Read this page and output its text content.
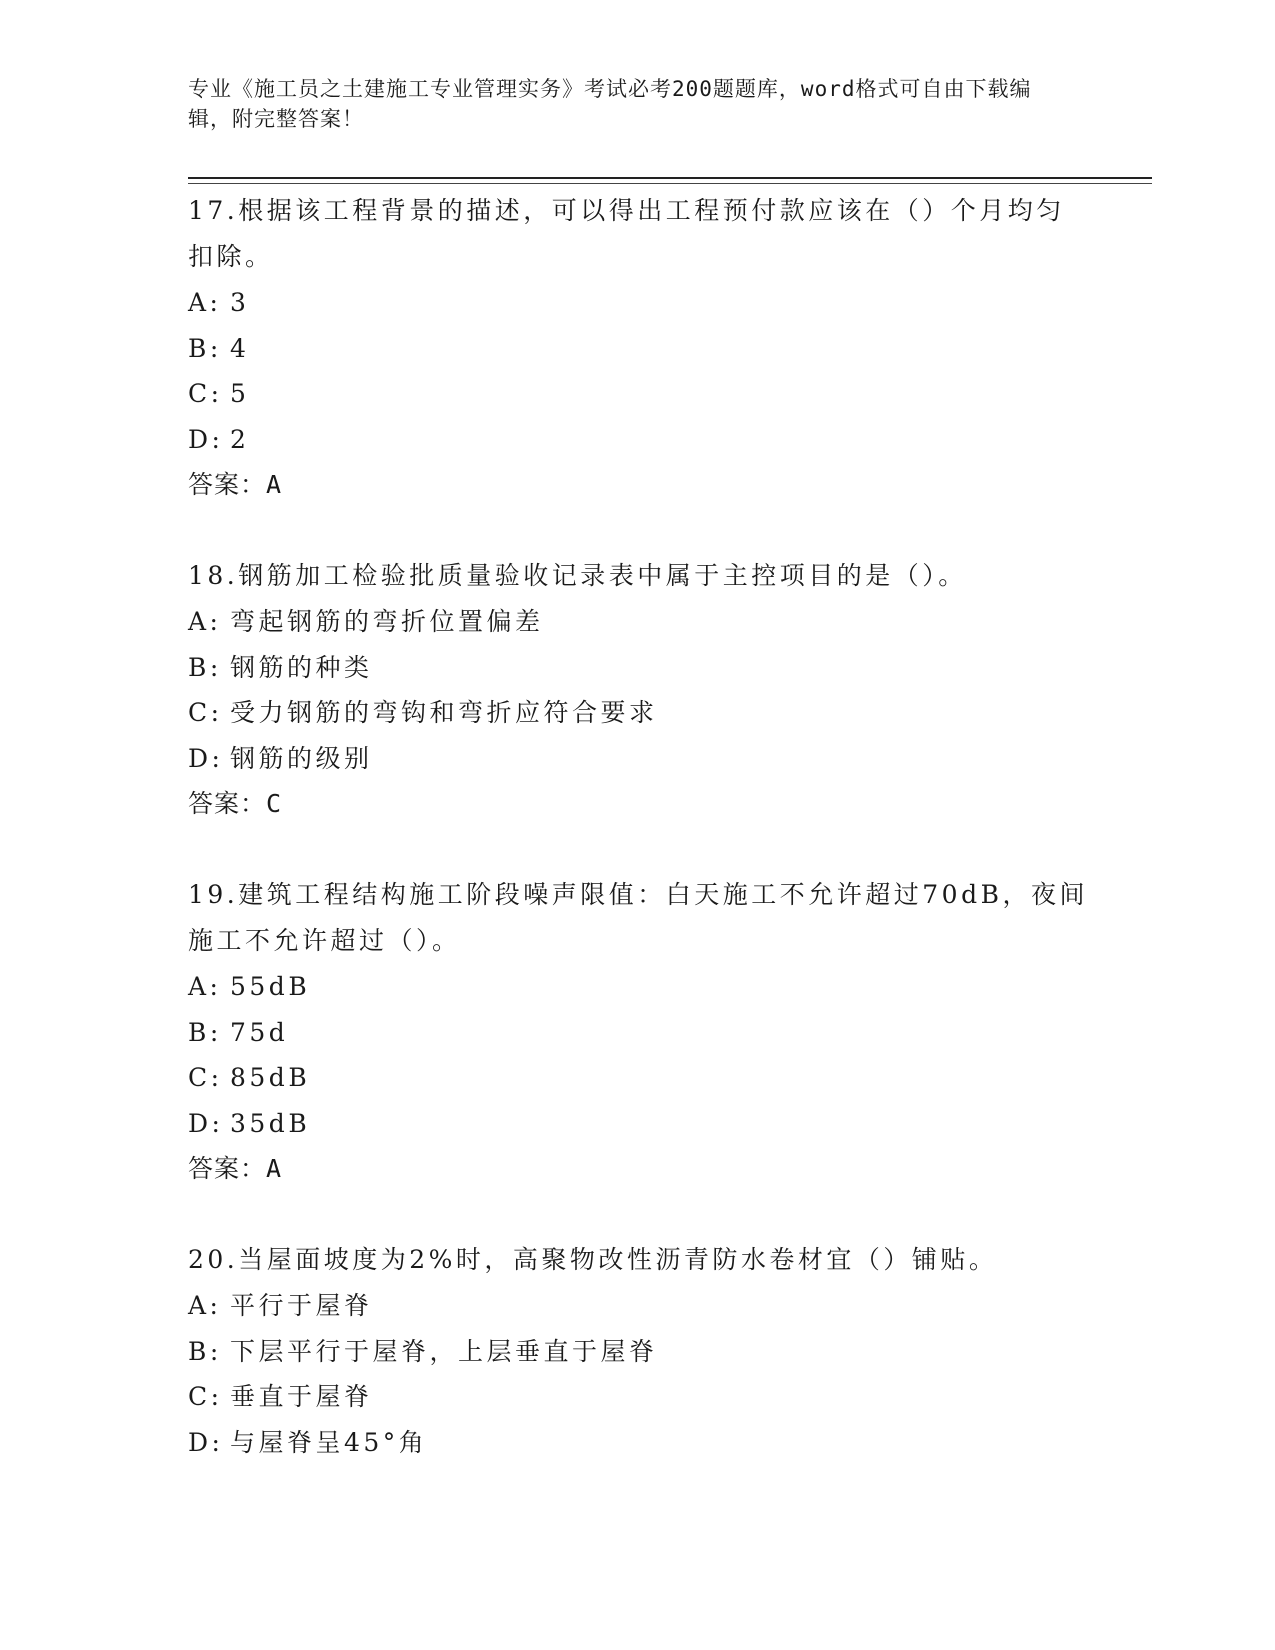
专业《施工员之土建施工专业管理实务》考试必考200题题库，word格式可自由下载编辑，附完整答案！

17.根据该工程背景的描述，可以得出工程预付款应该在（）个月均匀扣除。

A: 3

B: 4

C: 5

D: 2

答案：A

18.钢筋加工检验批质量验收记录表中属于主控项目的是（）。

A: 弯起钢筋的弯折位置偏差

B: 钢筋的种类

C: 受力钢筋的弯钩和弯折应符合要求

D: 钢筋的级别

答案：C

19.建筑工程结构施工阶段噪声限值：白天施工不允许超过70dB，夜间施工不允许超过（）。

A: 55dB

B: 75d

C: 85dB

D: 35dB

答案：A

20.当屋面坡度为2%时，高聚物改性沥青防水卷材宜（）铺贴。

A: 平行于屋脊

B: 下层平行于屋脊，上层垂直于屋脊

C: 垂直于屋脊

D: 与屋脊呈45°角
